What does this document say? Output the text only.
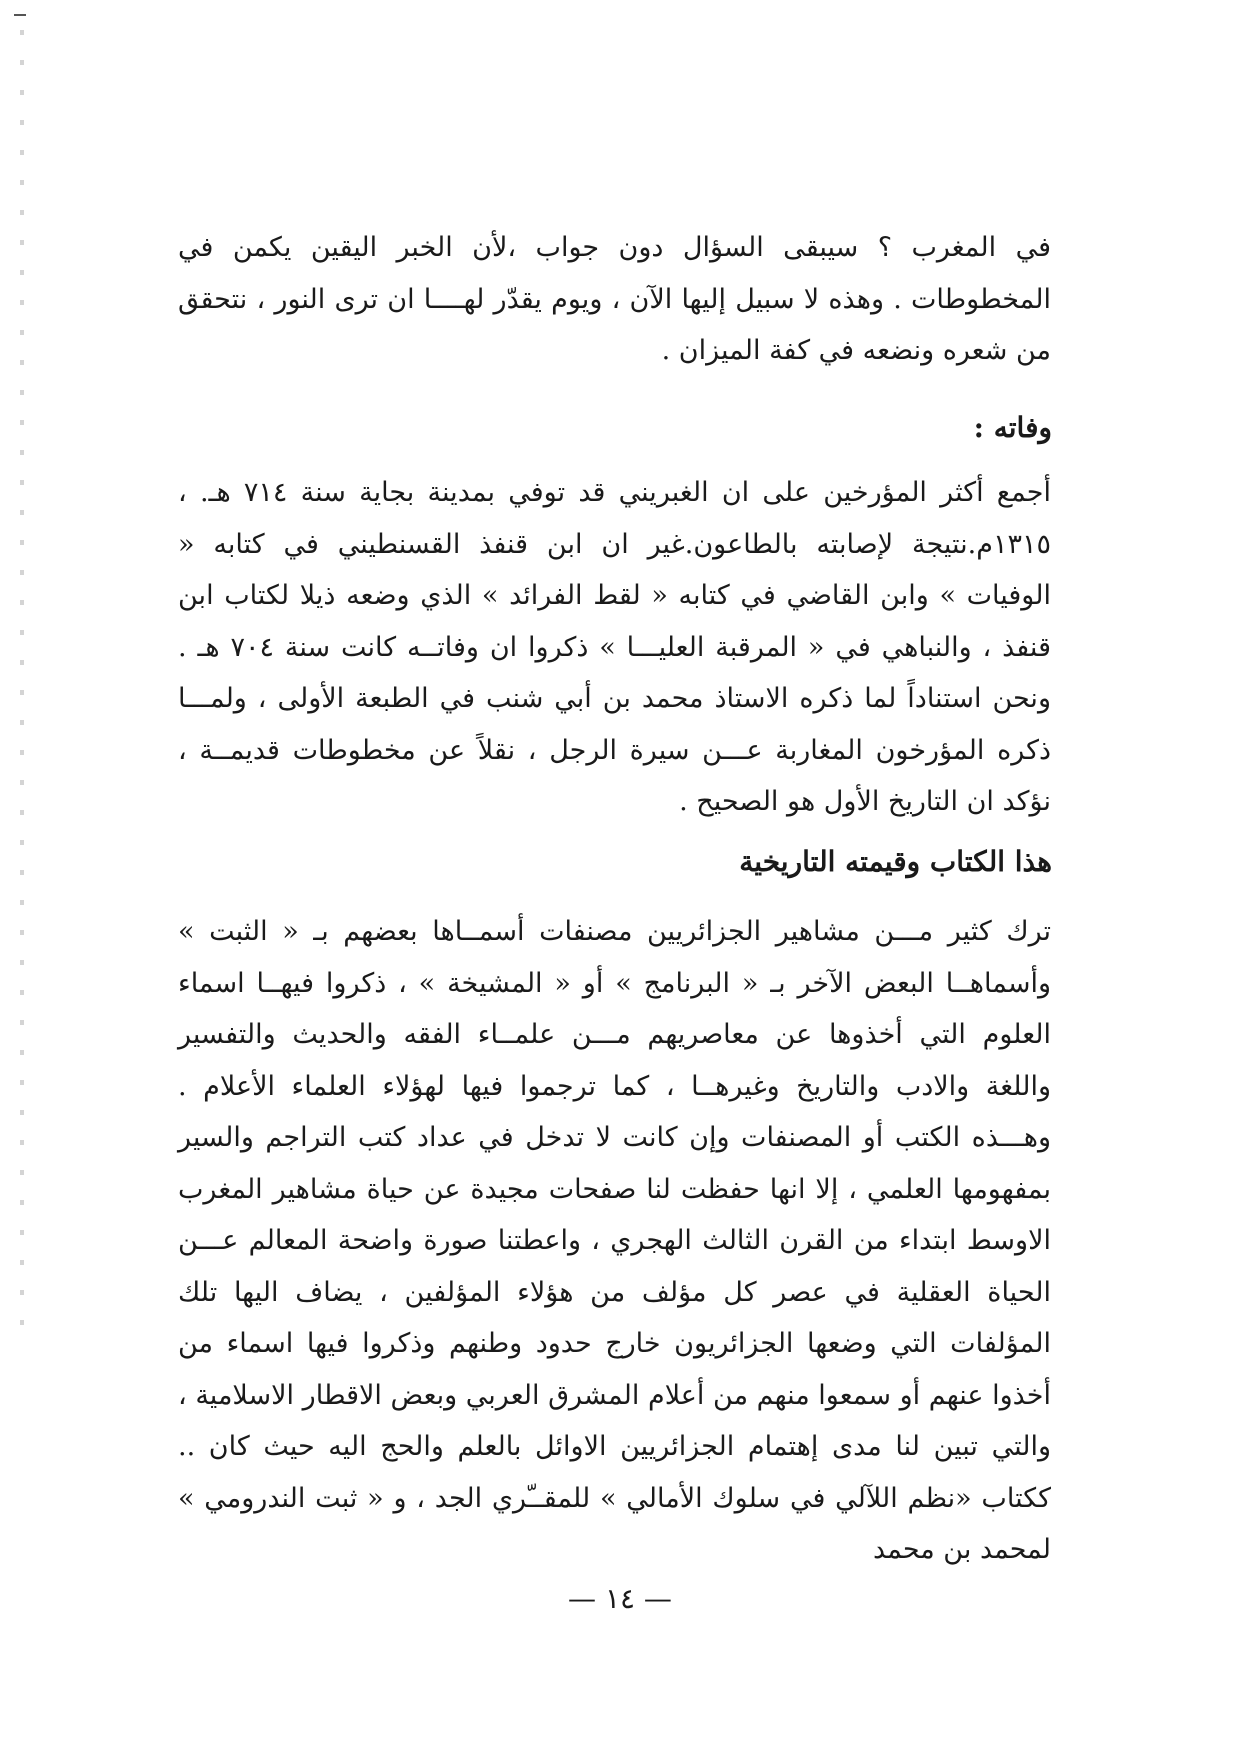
في المغرب ؟ سيبقى السؤال دون جواب ،لأن الخبر اليقين يكمن في المخطوطات . وهذه لا سبيل إليها الآن ، ويوم يقدّر لهــــا ان ترى النور ، نتحقق من شعره ونضعه في كفة الميزان .

وفاته :

أجمع أكثر المؤرخين على ان الغبريني قد توفي بمدينة بجاية سنة ٧١٤ هـ. ، ١٣١٥م.نتيجة لإصابته بالطاعون.غير ان ابن قنفذ القسنطيني في كتابه « الوفيات » وابن القاضي في كتابه « لقط الفرائد » الذي وضعه ذيلا لكتاب ابن قنفذ ، والنباهي في « المرقبة العليـــا » ذكروا ان وفاتــه كانت سنة ٧٠٤ هـ . ونحن استناداً لما ذكره الاستاذ محمد بن أبي شنب في الطبعة الأولى ، ولمـــا ذكره المؤرخون المغاربة عـــن سيرة الرجل ، نقلاً عن مخطوطات قديمــة ، نؤكد ان التاريخ الأول هو الصحيح .

هذا الكتاب وقيمته التاريخية

ترك كثير مـــن مشاهير الجزائريين مصنفات أسمــاها بعضهم بـ « الثبت » وأسماهــا البعض الآخر بـ « البرنامج » أو « المشيخة » ، ذكروا فيهــا اسماء العلوم التي أخذوها عن معاصريهم مـــن علمــاء الفقه والحديث والتفسير واللغة والادب والتاريخ وغيرهــا ، كما ترجموا فيها لهؤلاء العلماء الأعلام . وهـــذه الكتب أو المصنفات وإن كانت لا تدخل في عداد كتب التراجم والسير بمفهومها العلمي ، إلا انها حفظت لنا صفحات مجيدة عن حياة مشاهير المغرب الاوسط ابتداء من القرن الثالث الهجري ، واعطتنا صورة واضحة المعالم عـــن الحياة العقلية في عصر كل مؤلف من هؤلاء المؤلفين ، يضاف اليها تلك المؤلفات التي وضعها الجزائريون خارج حدود وطنهم وذكروا فيها اسماء من أخذوا عنهم أو سمعوا منهم من أعلام المشرق العربي وبعض الاقطار الاسلامية ، والتي تبين لنا مدى إهتمام الجزائريين الاوائل بالعلم والحج اليه حيث كان .. ككتاب «نظم اللآلي في سلوك الأمالي » للمقــّري الجد ، و « ثبت الندرومي » لمحمد بن محمد

— ١٤ —
